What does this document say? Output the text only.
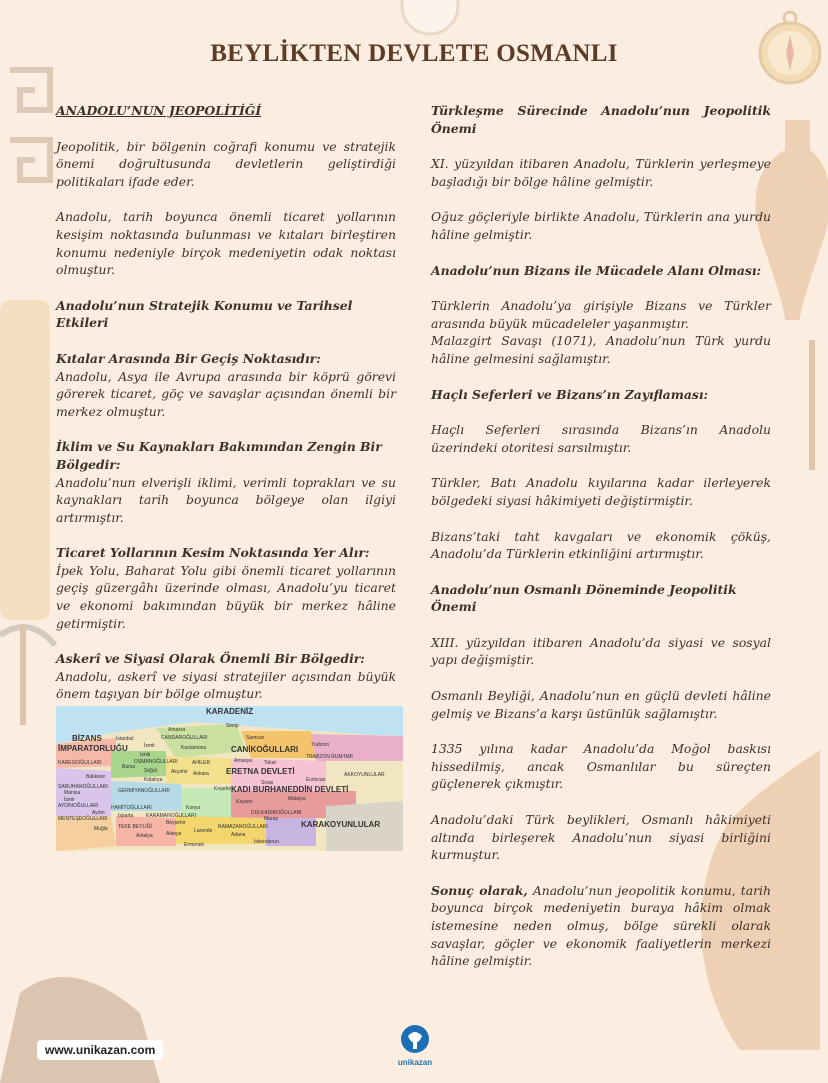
BEYLİKTEN DEVLETE OSMANLI
ANADOLU’NUN JEOPOLİTİĞİ

Jeopolitik, bir bölgenin coğrafi konumu ve stratejik önemi doğrultusunda devletlerin geliştirdiği politikaları ifade eder.

Anadolu, tarih boyunca önemli ticaret yollarının kesişim noktasında bulunması ve kıtaları birleştiren konumu nedeniyle birçok medeniyetin odak noktası olmuştur.

Anadolu’nun Stratejik Konumu ve Tarihsel Etkileri
Kıtalar Arasında Bir Geçiş Noktasıdır:

Anadolu, Asya ile Avrupa arasında bir köprü görevi görerek ticaret, göç ve savaşlar açısından önemli bir merkez olmuştur.

İklim ve Su Kaynakları Bakımından Zengin Bir Bölgedir:

Anadolu’nun elverişli iklimi, verimli toprakları ve su kaynakları tarih boyunca bölgeye olan ilgiyi artırmıştır.

Ticaret Yollarının Kesim Noktasında Yer Alır:

İpek Yolu, Baharat Yolu gibi önemli ticaret yollarının geçiş güzergâhı üzerinde olması, Anadolu’yu ticaret ve ekonomi bakımından büyük bir merkez hâline getirmiştir.

Askerî ve Siyasi Olarak Önemli Bir Bölgedir:

Anadolu, askerî ve siyasi stratejiler açısından büyük önem taşıyan bir bölge olmuştur.

KARADENİZ
Sinop
Amasra
CANDAROĞULLARI	Samsun
BİZANS
İMPARATORLUĞU
İstanbul
İzmit	Kastamonu	CANİKOĞULLARI	Trabzon
TRABZON RUM İMP.
KARESİOĞULLARI
İznik
OSMANOĞULLARI
Bursa
AHİLER	Amasya Tokat
Söğüt	ERETNA DEVLETİ
Balıkesir
Akçehir
Kütahya
Ankara
Erzincan
AKKOYUNLULAR
SARUHANOĞULLARI
Manisa	GERMİYANOĞULLARI	Kırşehir
Sivas
KADI BURHANEDDİN DEVLETİ
İzmir
AYDINOĞULLARI	HAMİTOĞULLARI	Konya
Kayseri	Malatya
Aydın
MENTEŞEOĞULLARI Isparta	KARAMANOĞULLARI	DULKADİROĞULLARI
Maraş
Beyşehir
Muğla TEKE BEYLİĞİ	KARAKOYUNLULAR
RAMAZANOĞULLARI
Antalya	Alanya	Larende
Adana
Ermenek	İskenderun
Türkleşme Sürecinde Anadolu’nun Jeopolitik Önemi

XI. yüzyıldan itibaren Anadolu, Türklerin yerleşmeye başladığı bir bölge hâline gelmiştir.

Oğuz göçleriyle birlikte Anadolu, Türklerin ana yurdu hâline gelmiştir.

Anadolu’nun Bizans ile Mücadele Alanı Olması:

Türklerin Anadolu’ya girişiyle Bizans ve Türkler arasında büyük mücadeleler yaşanmıştır.

Malazgirt Savaşı (1071), Anadolu’nun Türk yurdu hâline gelmesini sağlamıştır.

Haçlı Seferleri ve Bizans’ın Zayıflaması:

Haçlı Seferleri sırasında Bizans’ın Anadolu üzerindeki otoritesi sarsılmıştır.

Türkler, Batı Anadolu kıyılarına kadar ilerleyerek bölgedeki siyasi hâkimiyeti değiştirmiştir.

Bizans’taki taht kavgaları ve ekonomik çöküş, Anadolu’da Türklerin etkinliğini artırmıştır.

Anadolu’nun Osmanlı Döneminde Jeopolitik Önemi

XIII. yüzyıldan itibaren Anadolu’da siyasi ve sosyal yapı değişmiştir.

Osmanlı Beyliği, Anadolu’nun en güçlü devleti hâline gelmiş ve Bizans’a karşı üstünlük sağlamıştır.

1335 yılına kadar Anadolu’da Moğol baskısı hissedilmiş, ancak Osmanlılar bu süreçten güçlenerek çıkmıştır.

Anadolu’daki Türk beylikleri, Osmanlı hâkimiyeti altında birleşerek Anadolu’nun siyasi birliğini kurmuştur.

Sonuç olarak, Anadolu’nun jeopolitik konumu, tarih boyunca birçok medeniyetin buraya hâkim olmak istemesine neden olmuş, bölge sürekli olarak savaşlar, göçler ve ekonomik faaliyetlerin merkezi hâline gelmiştir.

www.unikazan.com
unikazan
